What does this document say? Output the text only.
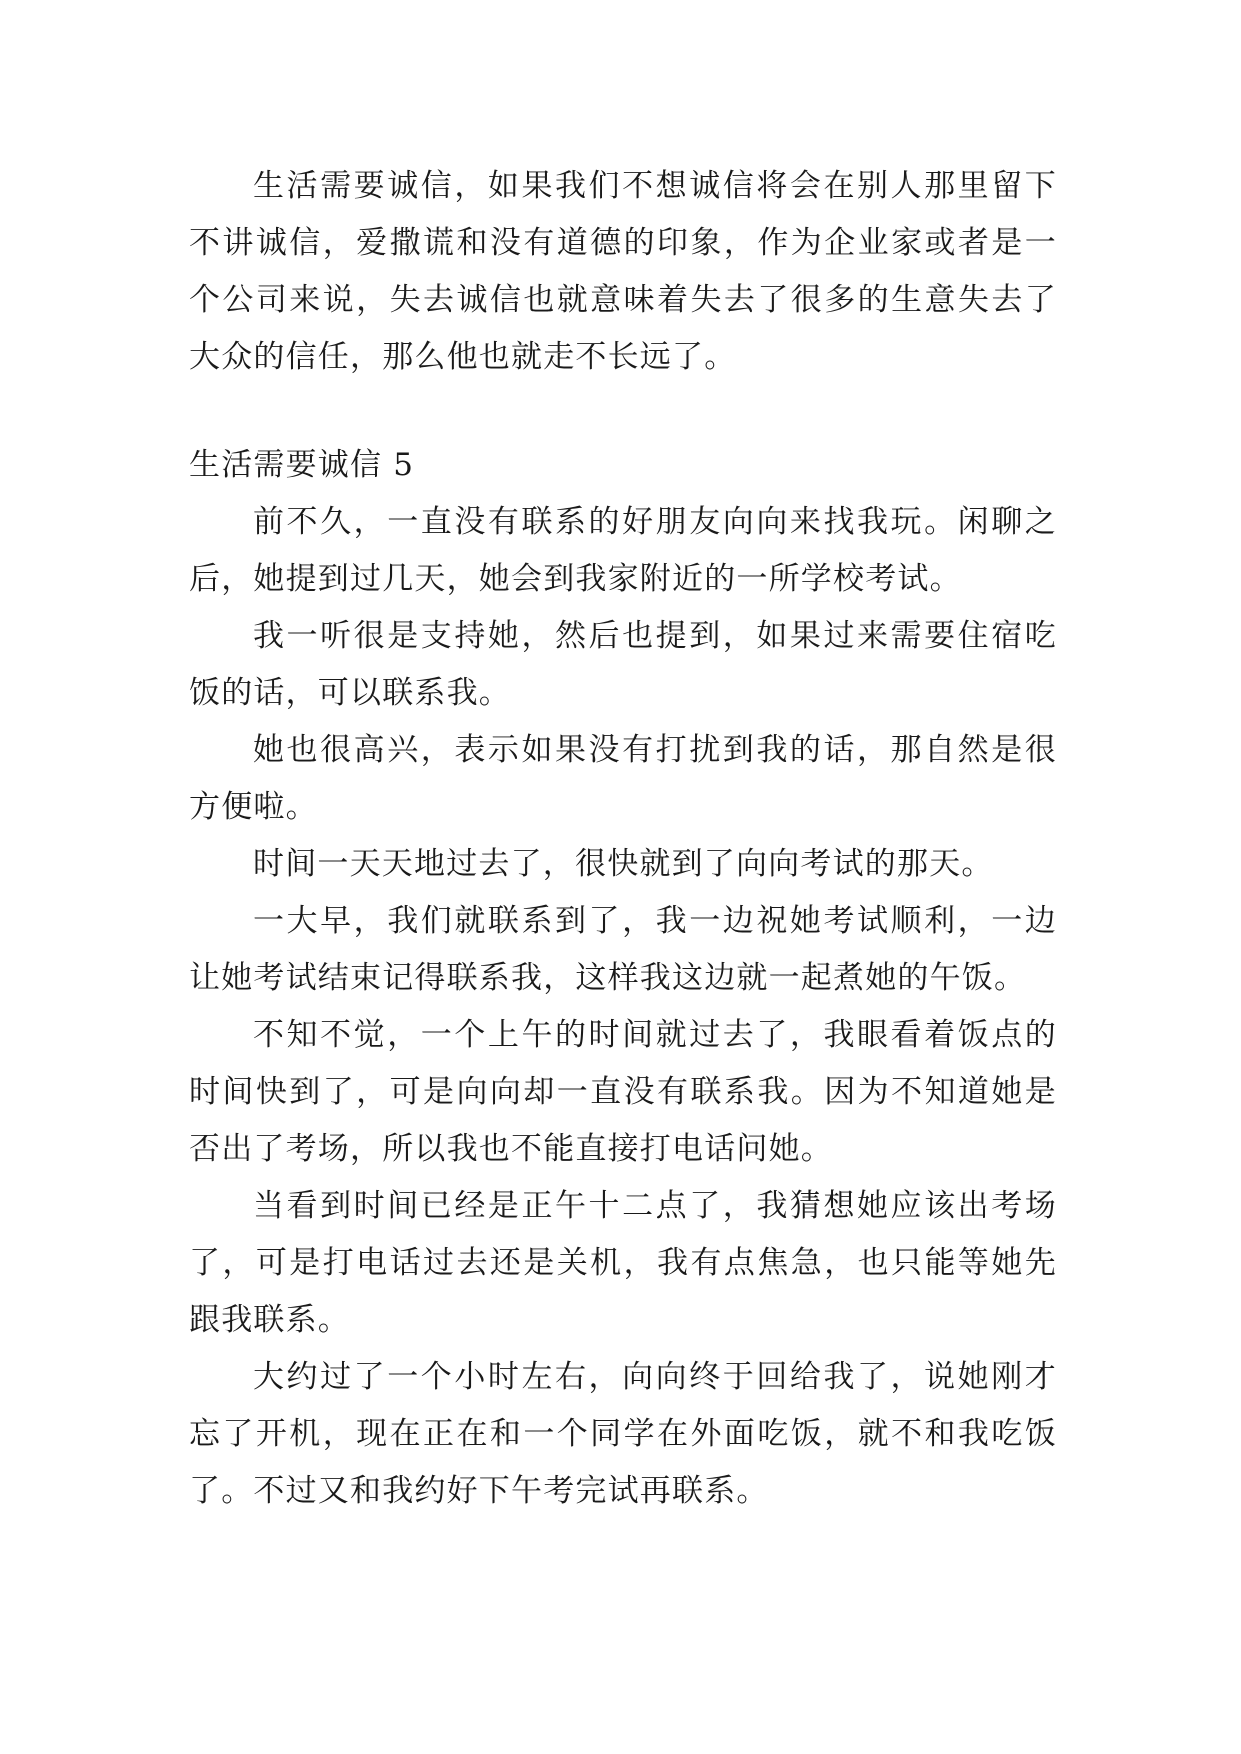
生活需要诚信，如果我们不想诚信将会在别人那里留下不讲诚信，爱撒谎和没有道德的印象，作为企业家或者是一个公司来说，失去诚信也就意味着失去了很多的生意失去了大众的信任，那么他也就走不长远了。

生活需要诚信 5

前不久，一直没有联系的好朋友向向来找我玩。闲聊之后，她提到过几天，她会到我家附近的一所学校考试。

我一听很是支持她，然后也提到，如果过来需要住宿吃饭的话，可以联系我。

她也很高兴，表示如果没有打扰到我的话，那自然是很方便啦。

时间一天天地过去了，很快就到了向向考试的那天。

一大早，我们就联系到了，我一边祝她考试顺利，一边让她考试结束记得联系我，这样我这边就一起煮她的午饭。

不知不觉，一个上午的时间就过去了，我眼看着饭点的时间快到了，可是向向却一直没有联系我。因为不知道她是否出了考场，所以我也不能直接打电话问她。

当看到时间已经是正午十二点了，我猜想她应该出考场了，可是打电话过去还是关机，我有点焦急，也只能等她先跟我联系。

大约过了一个小时左右，向向终于回给我了，说她刚才忘了开机，现在正在和一个同学在外面吃饭，就不和我吃饭了。不过又和我约好下午考完试再联系。
